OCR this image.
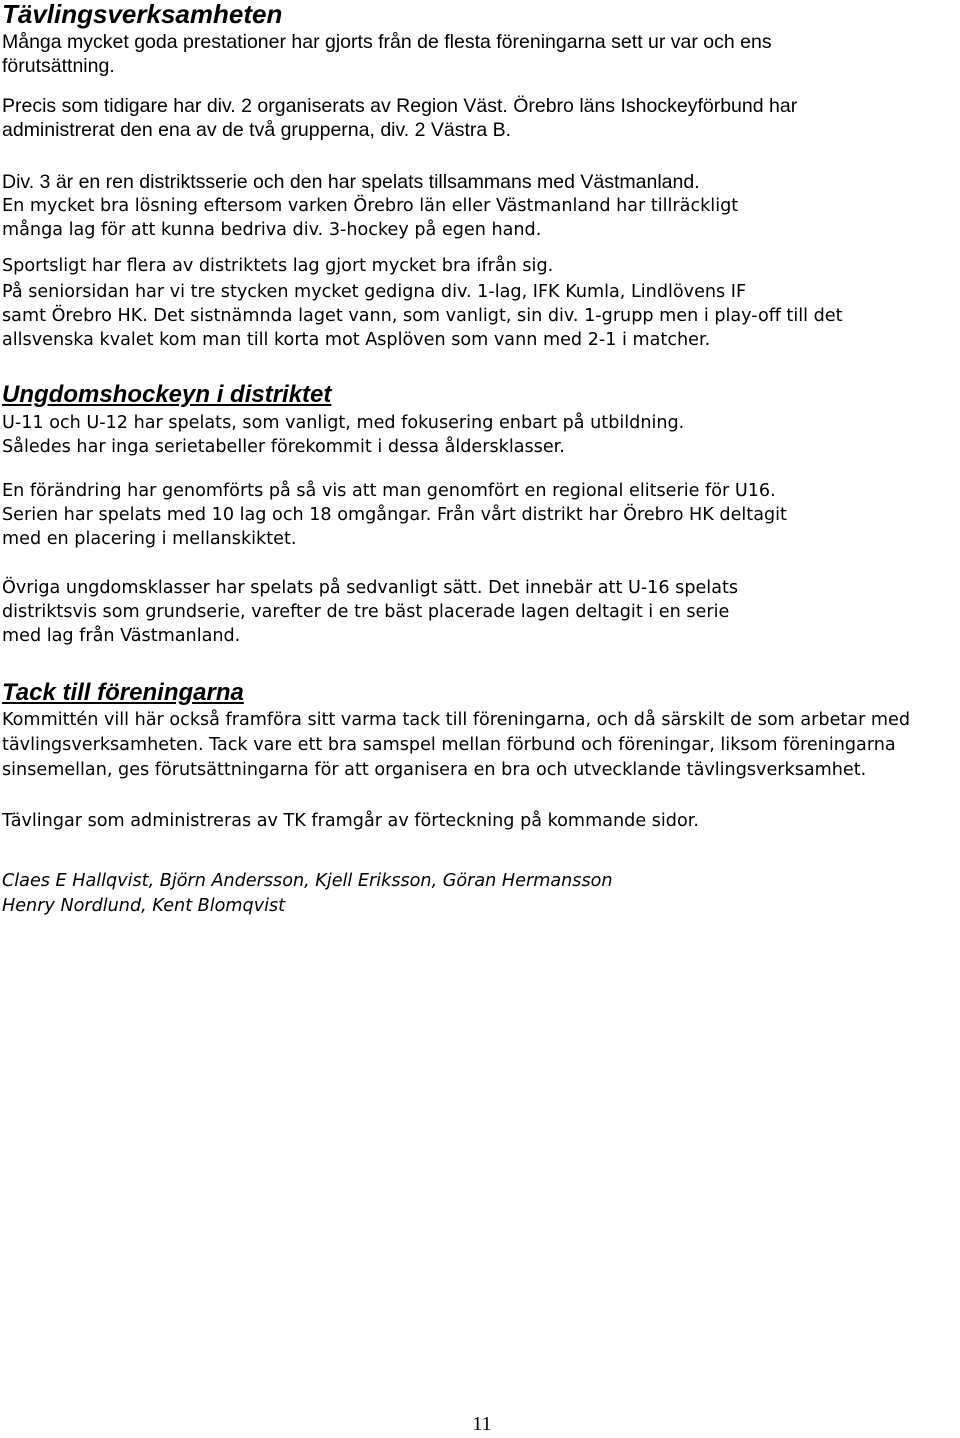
Tävlingsverksamheten

Många mycket goda prestationer har gjorts från de flesta föreningarna sett ur var och ens

förutsättning.

Precis som tidigare har div. 2 organiserats av Region Väst. Örebro läns Ishockeyförbund har

administrerat den ena av de två grupperna, div. 2 Västra B.

Div. 3 är en ren distriktsserie och den har spelats tillsammans med Västmanland.

En mycket bra lösning eftersom varken Örebro län eller Västmanland har tillräckligt

många lag för att kunna bedriva div. 3-hockey på egen hand.

Sportsligt har flera av distriktets lag gjort mycket bra ifrån sig.

På seniorsidan har vi tre stycken mycket gedigna div. 1-lag, IFK Kumla, Lindlövens IF

samt Örebro HK. Det sistnämnda laget vann, som vanligt, sin div. 1-grupp men i play-off till det

allsvenska kvalet kom man till korta mot Asplöven som vann med 2-1 i matcher.

Ungdomshockeyn i distriktet

U-11 och U-12 har spelats, som vanligt, med fokusering enbart på utbildning.

Således har inga serietabeller förekommit i dessa åldersklasser.

En förändring har genomförts på så vis att man genomfört en regional elitserie för U16.

Serien har spelats med 10 lag och 18 omgångar. Från vårt distrikt har Örebro HK deltagit

med en placering i mellanskiktet.

Övriga ungdomsklasser har spelats på sedvanligt sätt. Det innebär att U-16 spelats

distriktsvis som grundserie, varefter de tre bäst placerade lagen deltagit i en serie

med lag från Västmanland.

Tack till föreningarna

Kommittén vill här också framföra sitt varma tack till föreningarna, och då särskilt de som arbetar med

tävlingsverksamheten. Tack vare ett bra samspel mellan förbund och föreningar, liksom föreningarna

sinsemellan, ges förutsättningarna för att organisera en bra och utvecklande tävlingsverksamhet.

Tävlingar som administreras av TK framgår av förteckning på kommande sidor.

Claes E Hallqvist, Björn Andersson, Kjell Eriksson, Göran Hermansson

Henry Nordlund, Kent Blomqvist

11
